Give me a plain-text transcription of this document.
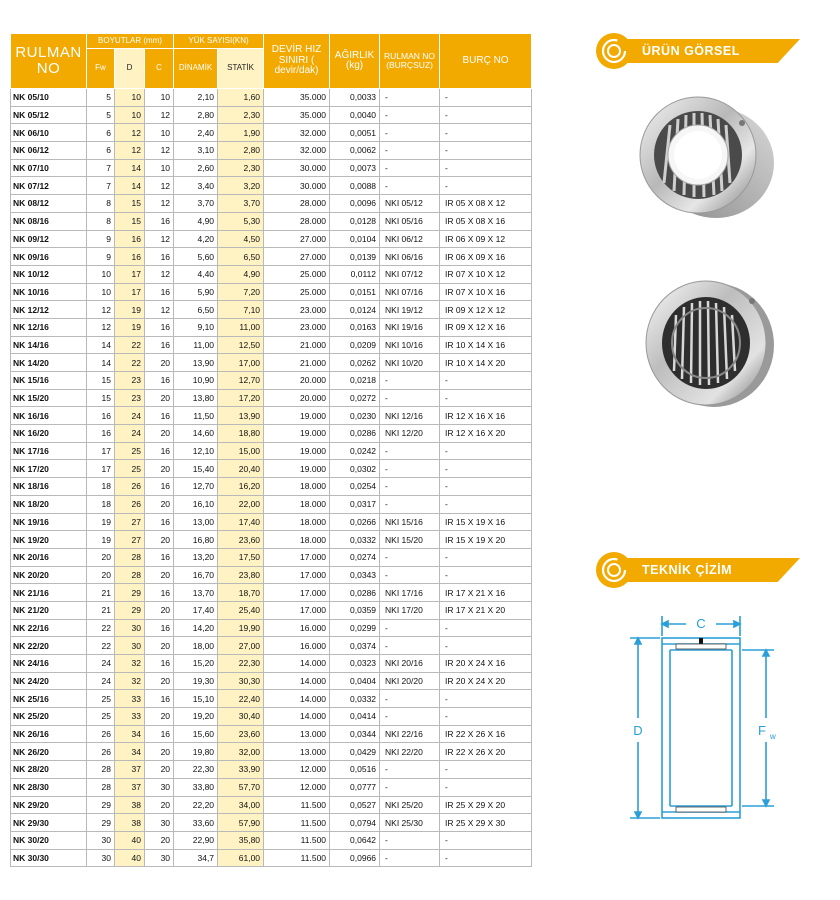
RULMAN NO	BOYUTLAR (mm)			YÜK SAYISI(KN)		DEVİR HIZ SINIRI ( devir/dak)	AĞIRLIK (kg)	RULMAN NO (BURÇSUZ)	BURÇ NO
	Fw	D	C	DİNAMİK	STATİK				
NK 05/10	5	10	10	2,10	1,60	35.000	0,0033	-	-
NK 05/12	5	10	12	2,80	2,30	35.000	0,0040	-	-
NK 06/10	6	12	10	2,40	1,90	32.000	0,0051	-	-
NK 06/12	6	12	12	3,10	2,80	32.000	0,0062	-	-
NK 07/10	7	14	10	2,60	2,30	30.000	0,0073	-	-
NK 07/12	7	14	12	3,40	3,20	30.000	0,0088	-	-
NK 08/12	8	15	12	3,70	3,70	28.000	0,0096	NKI 05/12	IR 05 X 08 X 12
NK 08/16	8	15	16	4,90	5,30	28.000	0,0128	NKI 05/16	IR 05 X 08 X 16
NK 09/12	9	16	12	4,20	4,50	27.000	0,0104	NKI 06/12	IR 06 X 09 X 12
NK 09/16	9	16	16	5,60	6,50	27.000	0,0139	NKI 06/16	IR 06 X 09 X 16
NK 10/12	10	17	12	4,40	4,90	25.000	0,0112	NKI 07/12	IR 07 X 10 X 12
NK 10/16	10	17	16	5,90	7,20	25.000	0,0151	NKI 07/16	IR 07 X 10 X 16
NK 12/12	12	19	12	6,50	7,10	23.000	0,0124	NKI 19/12	IR 09 X 12 X 12
NK 12/16	12	19	16	9,10	11,00	23.000	0,0163	NKI 19/16	IR 09 X 12 X 16
NK 14/16	14	22	16	11,00	12,50	21.000	0,0209	NKI 10/16	IR 10 X 14 X 16
NK 14/20	14	22	20	13,90	17,00	21.000	0,0262	NKI 10/20	IR 10 X 14 X 20
NK 15/16	15	23	16	10,90	12,70	20.000	0,0218	-	-
NK 15/20	15	23	20	13,80	17,20	20.000	0,0272	-	-
NK 16/16	16	24	16	11,50	13,90	19.000	0,0230	NKI 12/16	IR 12 X 16 X 16
NK 16/20	16	24	20	14,60	18,80	19.000	0,0286	NKI 12/20	IR 12 X 16 X 20
NK 17/16	17	25	16	12,10	15,00	19.000	0,0242	-	-
NK 17/20	17	25	20	15,40	20,40	19.000	0,0302	-	-
NK 18/16	18	26	16	12,70	16,20	18.000	0,0254	-	-
NK 18/20	18	26	20	16,10	22,00	18.000	0,0317	-	-
NK 19/16	19	27	16	13,00	17,40	18.000	0,0266	NKI 15/16	IR 15 X 19 X 16
NK 19/20	19	27	20	16,80	23,60	18.000	0,0332	NKI 15/20	IR 15 X 19 X 20
NK 20/16	20	28	16	13,20	17,50	17.000	0,0274	-	-
NK 20/20	20	28	20	16,70	23,80	17.000	0,0343	-	-
NK 21/16	21	29	16	13,70	18,70	17.000	0,0286	NKI 17/16	IR 17 X 21 X 16
NK 21/20	21	29	20	17,40	25,40	17.000	0,0359	NKI 17/20	IR 17 X 21 X 20
NK 22/16	22	30	16	14,20	19,90	16.000	0,0299	-	-
NK 22/20	22	30	20	18,00	27,00	16.000	0,0374	-	-
NK 24/16	24	32	16	15,20	22,30	14.000	0,0323	NKI 20/16	IR 20 X 24 X 16
NK 24/20	24	32	20	19,30	30,30	14.000	0,0404	NKI 20/20	IR 20 X 24 X 20
NK 25/16	25	33	16	15,10	22,40	14.000	0,0332	-	-
NK 25/20	25	33	20	19,20	30,40	14.000	0,0414	-	-
NK 26/16	26	34	16	15,60	23,60	13.000	0,0344	NKI 22/16	IR 22 X 26 X 16
NK 26/20	26	34	20	19,80	32,00	13.000	0,0429	NKI 22/20	IR 22 X 26 X 20
NK 28/20	28	37	20	22,30	33,90	12.000	0,0516	-	-
NK 28/30	28	37	30	33,80	57,70	12.000	0,0777	-	-
NK 29/20	29	38	20	22,20	34,00	11.500	0,0527	NKI 25/20	IR 25 X 29 X 20
NK 29/30	29	38	30	33,60	57,90	11.500	0,0794	NKI 25/30	IR 25 X 29 X 30
NK 30/20	30	40	20	22,90	35,80	11.500	0,0642	-	-
NK 30/30	30	40	30	34,7	61,00	11.500	0,0966	-	-
ÜRÜN GÖRSEL
TEKNİK ÇİZİM
C
D	F w
